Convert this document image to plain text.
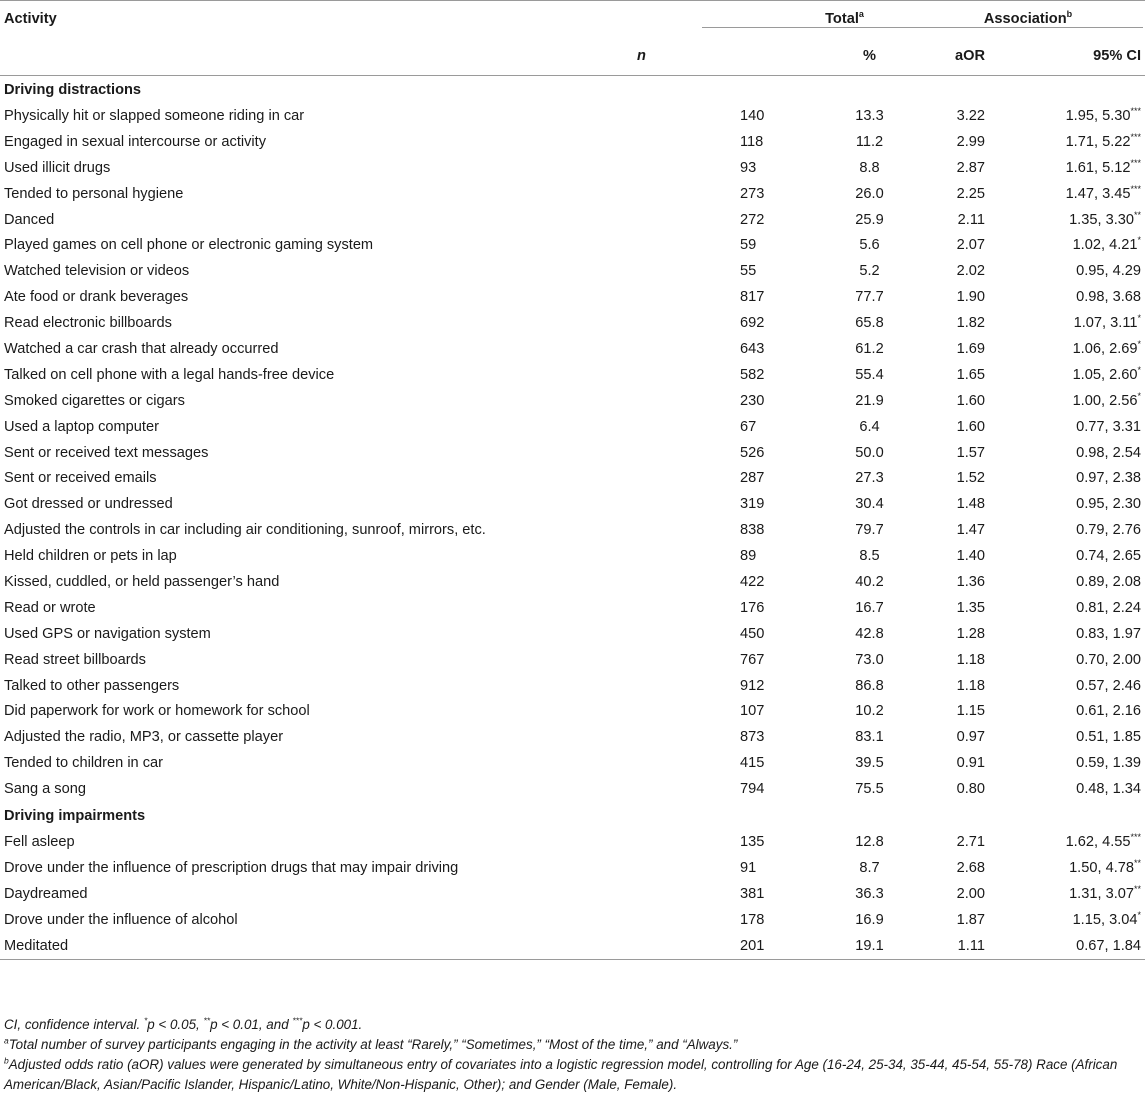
Activity	Total$^a$		Association$^b$
	n	%	aOR	95% CI
Driving distractions				
Physically hit or slapped someone riding in car	140	13.3	3.22	1.95, 5.30***
Engaged in sexual intercourse or activity	118	11.2	2.99	1.71, 5.22***
Used illicit drugs	93	8.8	2.87	1.61, 5.12***
Tended to personal hygiene	273	26.0	2.25	1.47, 3.45***
Danced	272	25.9	2.11	1.35, 3.30**
Played games on cell phone or electronic gaming system	59	5.6	2.07	1.02, 4.21*
Watched television or videos	55	5.2	2.02	0.95, 4.29
Ate food or drank beverages	817	77.7	1.90	0.98, 3.68
Read electronic billboards	692	65.8	1.82	1.07, 3.11*
Watched a car crash that already occurred	643	61.2	1.69	1.06, 2.69*
Talked on cell phone with a legal hands-free device	582	55.4	1.65	1.05, 2.60*
Smoked cigarettes or cigars	230	21.9	1.60	1.00, 2.56*
Used a laptop computer	67	6.4	1.60	0.77, 3.31
Sent or received text messages	526	50.0	1.57	0.98, 2.54
Sent or received emails	287	27.3	1.52	0.97, 2.38
Got dressed or undressed	319	30.4	1.48	0.95, 2.30
Adjusted the controls in car including air conditioning, sunroof, mirrors, etc.	838	79.7	1.47	0.79, 2.76
Held children or pets in lap	89	8.5	1.40	0.74, 2.65
Kissed, cuddled, or held passenger’s hand	422	40.2	1.36	0.89, 2.08
Read or wrote	176	16.7	1.35	0.81, 2.24
Used GPS or navigation system	450	42.8	1.28	0.83, 1.97
Read street billboards	767	73.0	1.18	0.70, 2.00
Talked to other passengers	912	86.8	1.18	0.57, 2.46
Did paperwork for work or homework for school	107	10.2	1.15	0.61, 2.16
Adjusted the radio, MP3, or cassette player	873	83.1	0.97	0.51, 1.85
Tended to children in car	415	39.5	0.91	0.59, 1.39
Sang a song	794	75.5	0.80	0.48, 1.34
Driving impairments				
Fell asleep	135	12.8	2.71	1.62, 4.55***
Drove under the influence of prescription drugs that may impair driving	91	8.7	2.68	1.50, 4.78**
Daydreamed	381	36.3	2.00	1.31, 3.07**
Drove under the influence of alcohol	178	16.9	1.87	1.15, 3.04*
Meditated	201	19.1	1.11	0.67, 1.84

CI, confidence interval. *p < 0.05, **p < 0.01, and ***p < 0.001.

$^a$Total number of survey participants engaging in the activity at least “Rarely,” “Sometimes,” “Most of the time,” and “Always.”

$^b$Adjusted odds ratio (aOR) values were generated by simultaneous entry of covariates into a logistic regression model, controlling for Age (16-24, 25-34, 35-44, 45-54, 55-78) Race (African American/Black, Asian/Pacific Islander, Hispanic/Latino, White/Non-Hispanic, Other); and Gender (Male, Female).
